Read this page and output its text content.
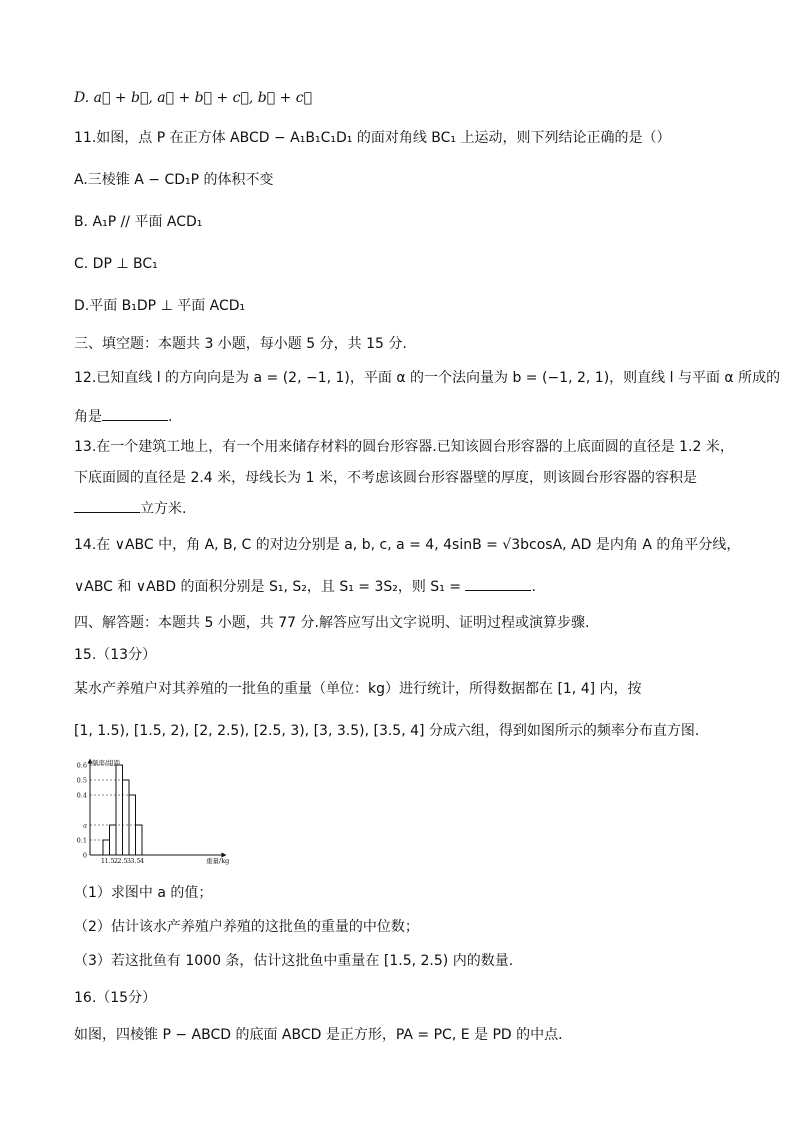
D. a⃗ + b⃗, a⃗ + b⃗ + c⃗, b⃗ + c⃗
11.如图，点 P 在正方体 ABCD − A₁B₁C₁D₁ 的面对角线 BC₁ 上运动，则下列结论正确的是（）
A.三棱锥 A − CD₁P 的体积不变
B. A₁P // 平面 ACD₁
C. DP ⊥ BC₁
D.平面 B₁DP ⊥ 平面 ACD₁
三、填空题：本题共 3 小题，每小题 5 分，共 15 分.
12.已知直线 l 的方向向是为 a = (2, −1, 1)，平面 α 的一个法向量为 b = (−1, 2, 1)，则直线 l 与平面 α 所成的
角是	.
13.在一个建筑工地上，有一个用来储存材料的圆台形容器.已知该圆台形容器的上底面圆的直径是 1.2 米，
下底面圆的直径是 2.4 米，母线长为 1 米，不考虑该圆台形容器壁的厚度，则该圆台形容器的容积是
立方米.
14.在 ∨ABC 中，角 A, B, C 的对边分别是 a, b, c, a = 4, 4sinB = √3bcosA, AD 是内角 A 的角平分线，
∨ABC 和 ∨ABD 的面积分别是 S₁, S₂，且 S₁ = 3S₂，则 S₁ =	.
四、解答题：本题共 5 小题，共 77 分.解答应写出文字说明、证明过程或演算步骤.
15.（13分）
某水产养殖户对其养殖的一批鱼的重量（单位：kg）进行统计，所得数据都在 [1, 4] 内，按
[1, 1.5), [1.5, 2), [2, 2.5), [2.5, 3), [3, 3.5), [3.5, 4] 分成六组，得到如图所示的频率分布直方图.
0
0.1
a
0.4
0.5
0.6
1 1.5 2 2.5 3 3.5 4
频率/组距
重量/kg
（1）求图中 a 的值；
（2）估计该水产养殖户养殖的这批鱼的重量的中位数；
（3）若这批鱼有 1000 条，估计这批鱼中重量在 [1.5, 2.5) 内的数量.
16.（15分）
如图，四棱锥 P − ABCD 的底面 ABCD 是正方形，PA = PC, E 是 PD 的中点.
